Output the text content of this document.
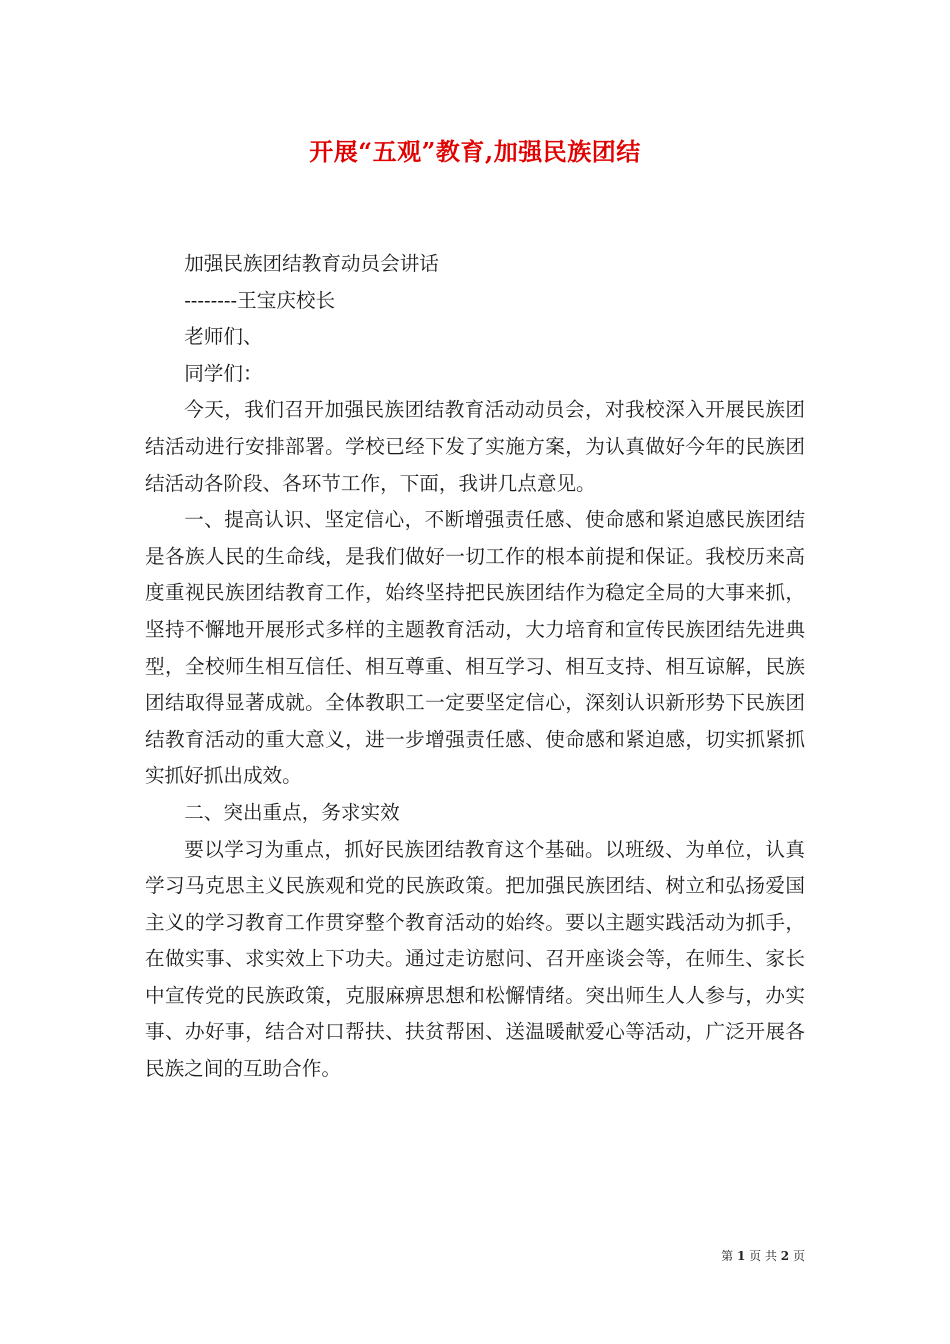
开展“五观”教育,加强民族团结

加强民族团结教育动员会讲话

--------王宝庆校长

老师们、

同学们：

今天，我们召开加强民族团结教育活动动员会，对我校深入开展民族团结活动进行安排部署。学校已经下发了实施方案，为认真做好今年的民族团结活动各阶段、各环节工作，下面，我讲几点意见。

一、提高认识、坚定信心，不断增强责任感、使命感和紧迫感民族团结是各族人民的生命线，是我们做好一切工作的根本前提和保证。我校历来高度重视民族团结教育工作，始终坚持把民族团结作为稳定全局的大事来抓，坚持不懈地开展形式多样的主题教育活动，大力培育和宣传民族团结先进典型，全校师生相互信任、相互尊重、相互学习、相互支持、相互谅解，民族团结取得显著成就。全体教职工一定要坚定信心，深刻认识新形势下民族团结教育活动的重大意义，进一步增强责任感、使命感和紧迫感，切实抓紧抓实抓好抓出成效。

二、突出重点，务求实效

要以学习为重点，抓好民族团结教育这个基础。以班级、为单位，认真学习马克思主义民族观和党的民族政策。把加强民族团结、树立和弘扬爱国主义的学习教育工作贯穿整个教育活动的始终。要以主题实践活动为抓手，在做实事、求实效上下功夫。通过走访慰问、召开座谈会等，在师生、家长中宣传党的民族政策，克服麻痹思想和松懈情绪。突出师生人人参与，办实事、办好事，结合对口帮扶、扶贫帮困、送温暖献爱心等活动，广泛开展各民族之间的互助合作。

第 1 页 共 2 页
